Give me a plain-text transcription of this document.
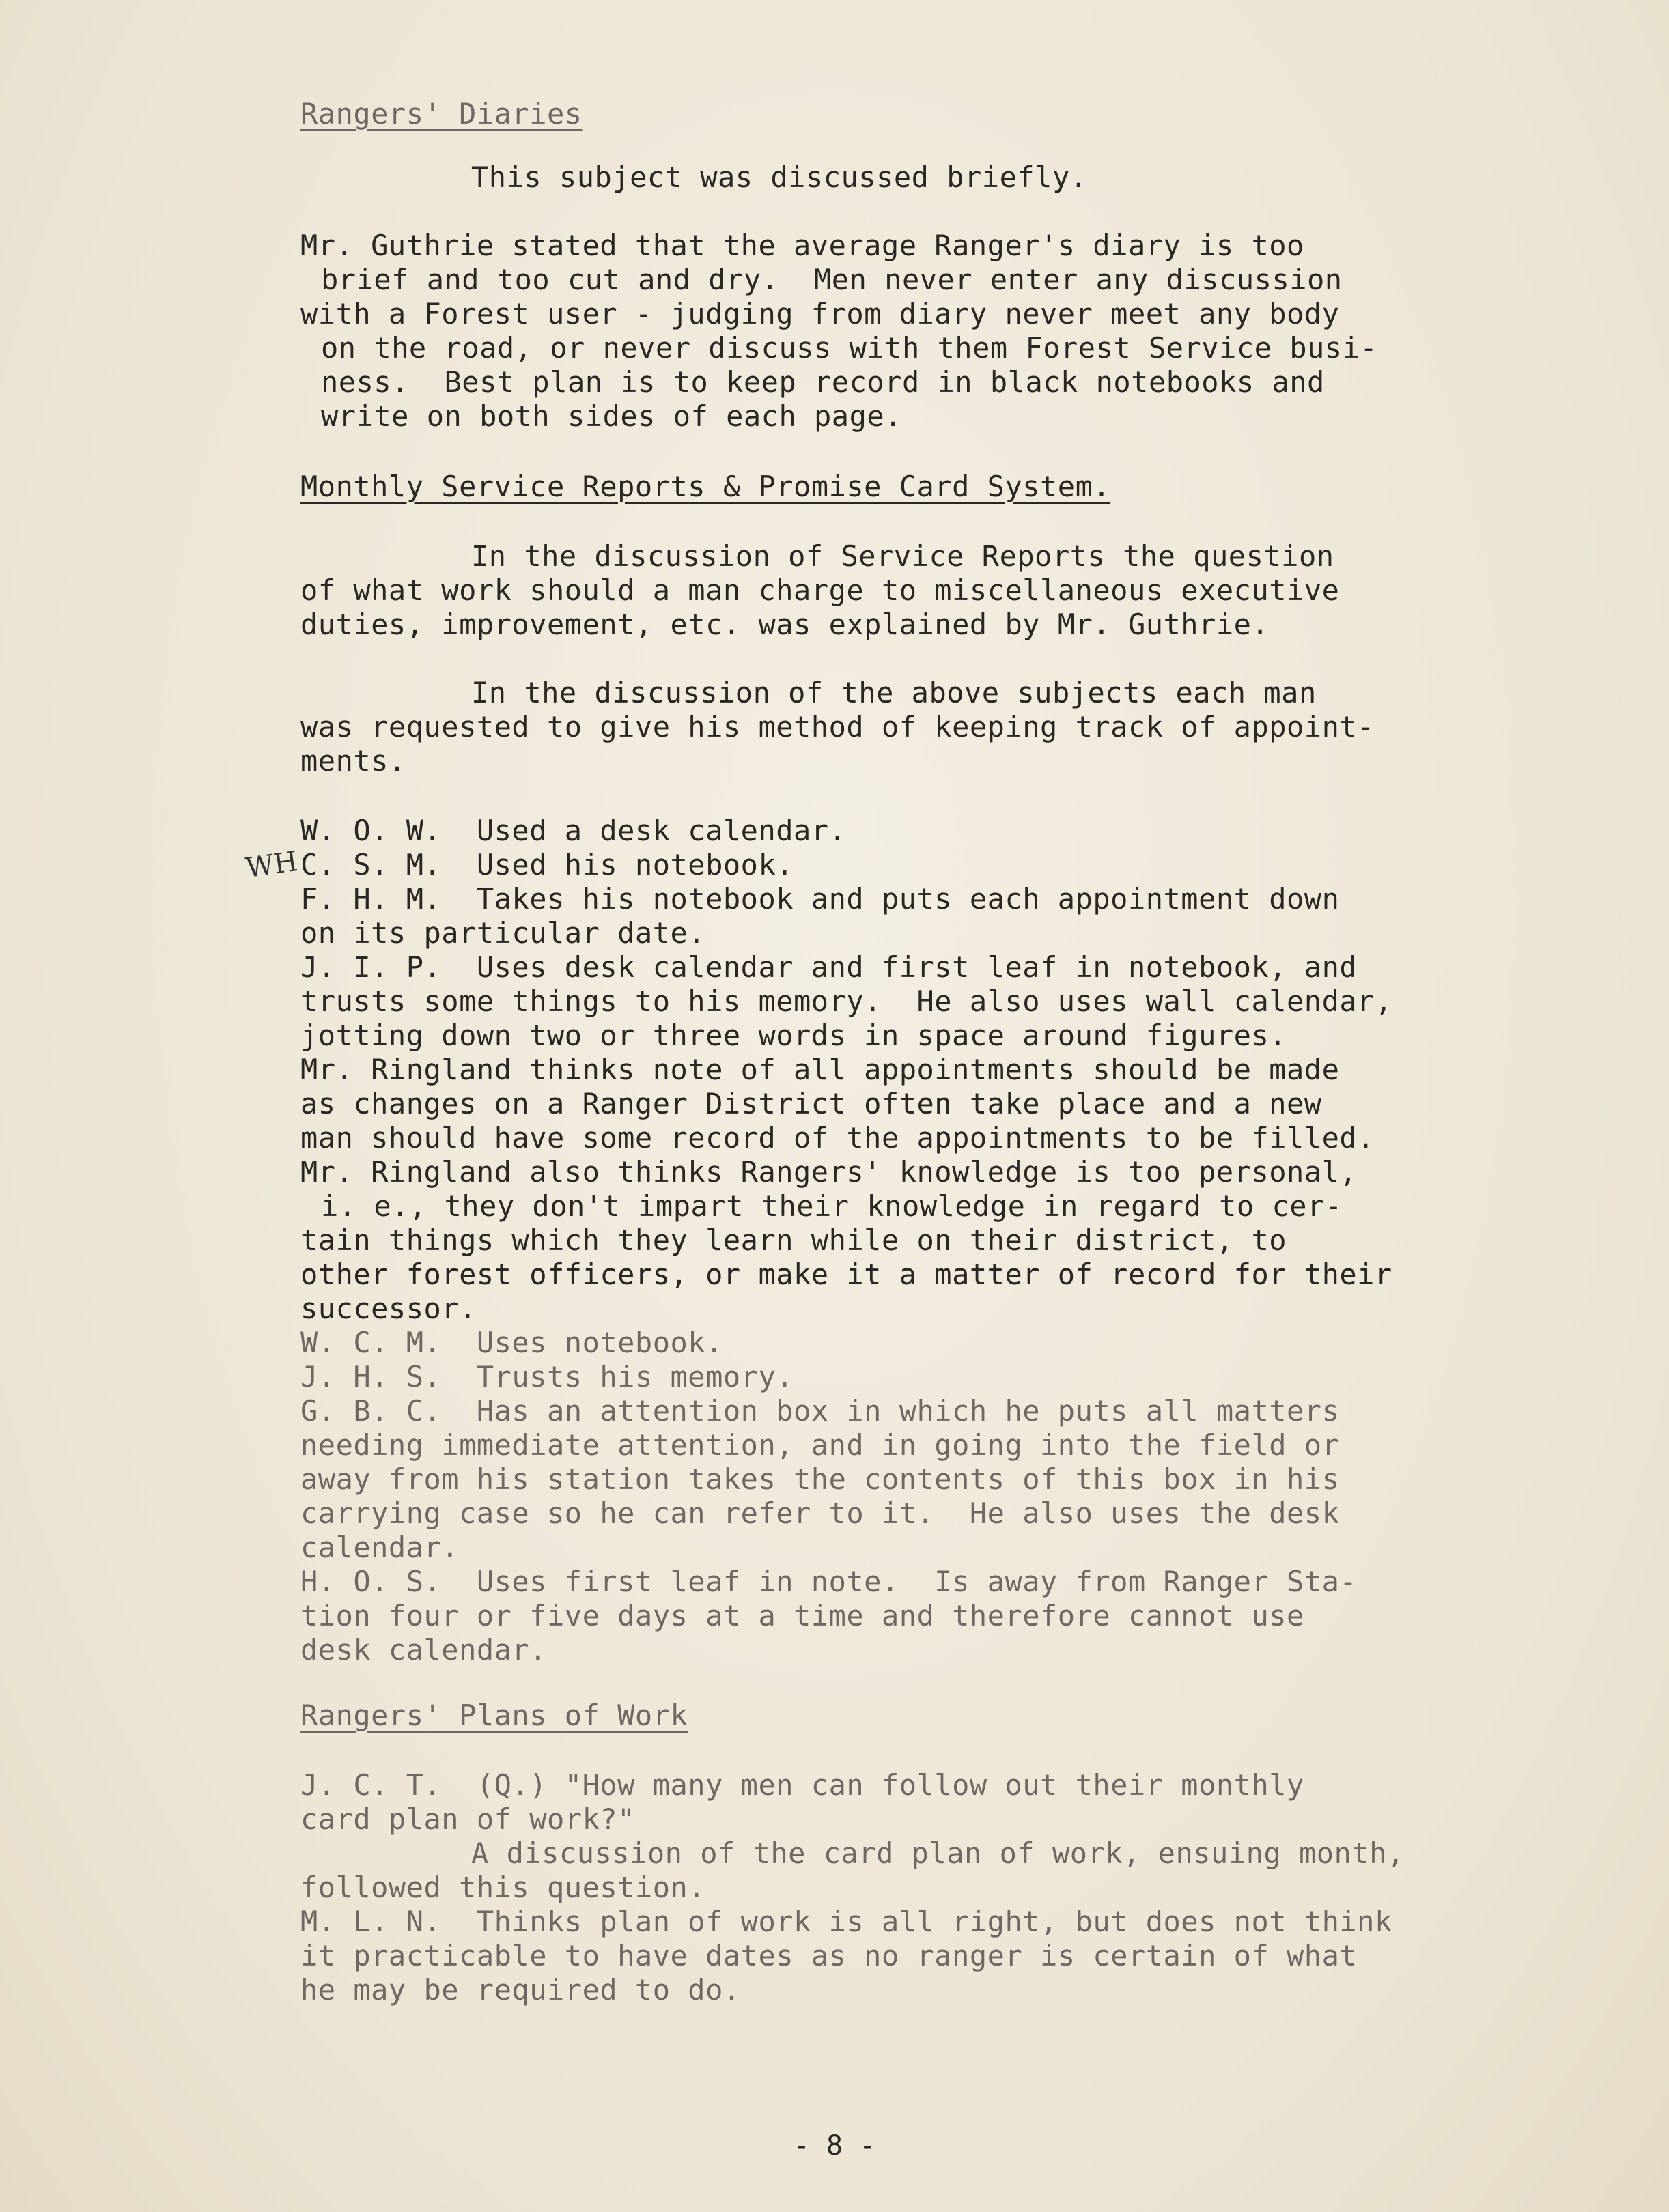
Rangers' Diaries

This subject was discussed briefly.

Mr. Guthrie stated that the average Ranger's diary is too

brief and too cut and dry.  Men never enter any discussion

with a Forest user - judging from diary never meet any body

on the road, or never discuss with them Forest Service busi-

ness.  Best plan is to keep record in black notebooks and

write on both sides of each page.

Monthly Service Reports & Promise Card System.

In the discussion of Service Reports the question

of what work should a man charge to miscellaneous executive

duties, improvement, etc. was explained by Mr. Guthrie.

In the discussion of the above subjects each man

was requested to give his method of keeping track of appoint-

ments.

W. O. W.  Used a desk calendar.

C. S. M.  Used his notebook.

F. H. M.  Takes his notebook and puts each appointment down

on its particular date.

J. I. P.  Uses desk calendar and first leaf in notebook, and

trusts some things to his memory.  He also uses wall calendar,

jotting down two or three words in space around figures.

Mr. Ringland thinks note of all appointments should be made

as changes on a Ranger District often take place and a new

man should have some record of the appointments to be filled.

Mr. Ringland also thinks Rangers' knowledge is too personal,

i. e., they don't impart their knowledge in regard to cer-

tain things which they learn while on their district, to

other forest officers, or make it a matter of record for their

successor.

W. C. M.  Uses notebook.

J. H. S.  Trusts his memory.

G. B. C.  Has an attention box in which he puts all matters

needing immediate attention, and in going into the field or

away from his station takes the contents of this box in his

carrying case so he can refer to it.  He also uses the desk

calendar.

H. O. S.  Uses first leaf in note.  Is away from Ranger Sta-

tion four or five days at a time and therefore cannot use

desk calendar.

Rangers' Plans of Work

J. C. T.  (Q.) "How many men can follow out their monthly

card plan of work?"

A discussion of the card plan of work, ensuing month,

followed this question.

M. L. N.  Thinks plan of work is all right, but does not think

it practicable to have dates as no ranger is certain of what

he may be required to do.

WH
- 8 -
